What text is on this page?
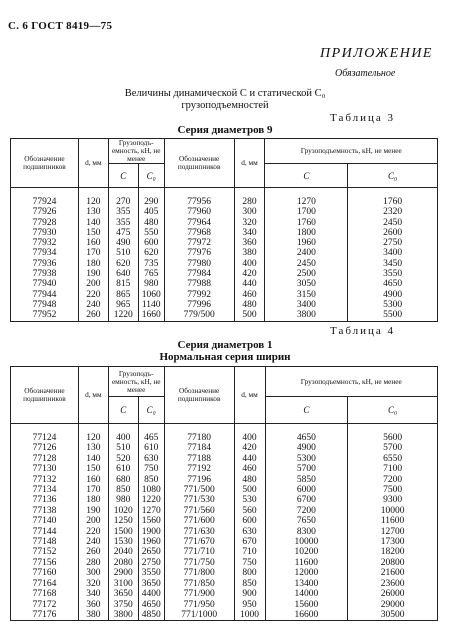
С. 6 ГОСТ 8419—75
ПРИЛОЖЕНИЕ
Обязательное
Величины динамической C и статической C₀
грузоподъемностей
Таблица 3
Серия диаметров 9
Обозначение подшипников	d, мм	Грузоподъ- емность, кН, не менее		Обозначение подшипников	d, мм	Грузоподъемность, кН, не менее	
		C	C₀			C	C₀
77924	120	270	290	77956	280	1270	1760
77926	130	355	405	77960	300	1700	2320
77928	140	355	480	77964	320	1760	2450
77930	150	475	550	77968	340	1800	2600
77932	160	490	600	77972	360	1960	2750
77934	170	510	620	77976	380	2400	3400
77936	180	620	735	77980	400	2450	3450
77938	190	640	765	77984	420	2500	3550
77940	200	815	980	77988	440	3050	4650
77944	220	865	1060	77992	460	3150	4900
77948	240	965	1140	77996	480	3400	5300
77952	260	1220	1660	779/500	500	3800	5500
Таблица 4
Серия диаметров 1
Нормальная серия ширин
Обозначение подшипников	d, мм	Грузоподъ- емность, кН, не менее		Обозначение подшипников	d, мм	Грузоподъемность, кН, не менее	
		C	C₀			C	C₀
77124	120	400	465	77180	400	4650	5600
77126	130	510	610	77184	420	4900	5700
77128	140	520	630	77188	440	5300	6550
77130	150	610	750	77192	460	5700	7100
77132	160	680	850	77196	480	5850	7200
77134	170	850	1080	771/500	500	6000	7500
77136	180	980	1220	771/530	530	6700	9300
77138	190	1020	1270	771/560	560	7200	10000
77140	200	1250	1560	771/600	600	7650	11600
77144	220	1500	1900	771/630	630	8300	12700
77148	240	1530	1960	771/670	670	10000	17300
77152	260	2040	2650	771/710	710	10200	18200
77156	280	2080	2750	771/750	750	11600	20800
77160	300	2900	3550	771/800	800	12000	21600
77164	320	3100	3650	771/850	850	13400	23600
77168	340	3650	4400	771/900	900	14000	26000
77172	360	3750	4650	771/950	950	15600	29000
77176	380	3800	4850	771/1000	1000	16600	30500
